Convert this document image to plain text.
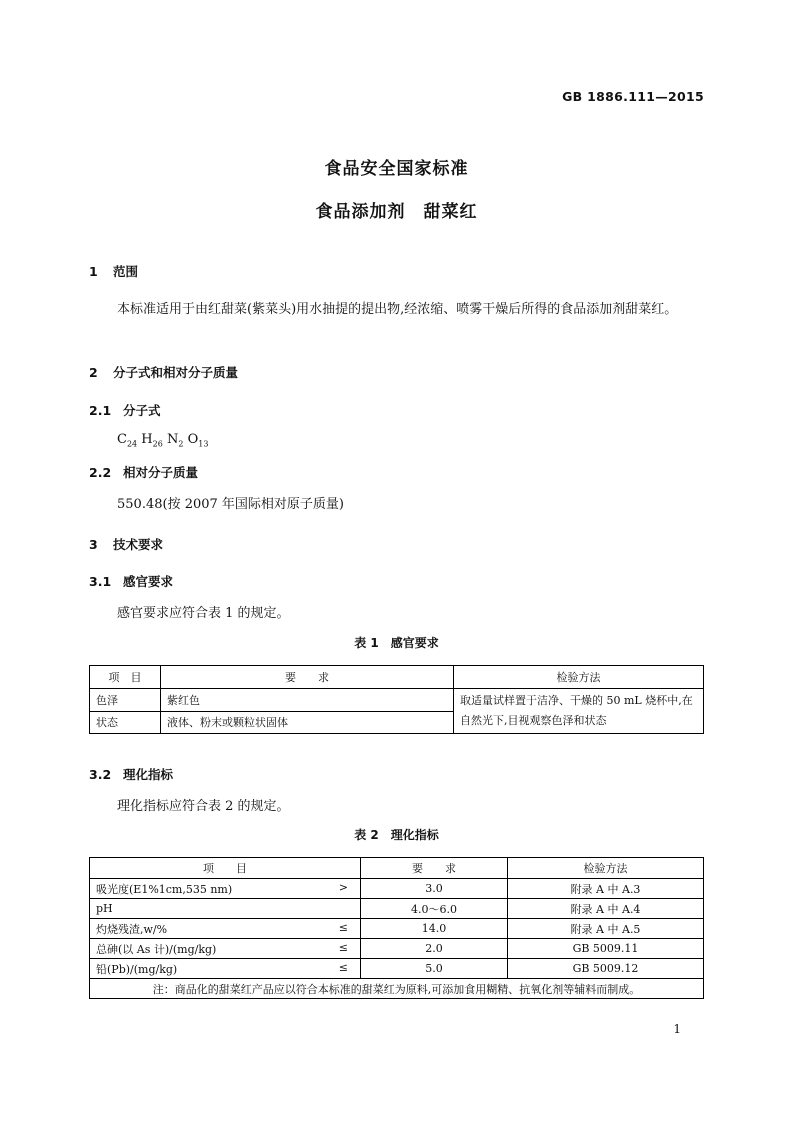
GB 1886.111—2015
食品安全国家标准
食品添加剂　甜菜红
1 范围
本标准适用于由红甜菜(紫菜头)用水抽提的提出物,经浓缩、喷雾干燥后所得的食品添加剂甜菜红。
2 分子式和相对分子质量
2.1 分子式
$C_{24}$ $H_{26}$ $N_2$ $O_{13}$
2.2 相对分子质量
550.48(按 2007 年国际相对原子质量)
3 技术要求
3.1 感官要求
感官要求应符合表 1 的规定。
表 1　感官要求
项　目	要　　求	检验方法
色泽	紫红色	取适量试样置于洁净、干燥的 50 mL 烧杯中,在自然光下,目视观察色泽和状态
状态	液体、粉末或颗粒状固体	
3.2 理化指标
理化指标应符合表 2 的规定。
表 2　理化指标
项　　目	要　　求	检验方法
吸光度(E1%1cm,535 nm) >	3.0	附录 A 中 A.3
pH	4.0～6.0	附录 A 中 A.4
灼烧残渣,w/% ≤	14.0	附录 A 中 A.5
总砷(以 As 计)/(mg/kg) ≤	2.0	GB 5009.11
铅(Pb)/(mg/kg) ≤	5.0	GB 5009.12
注：商品化的甜菜红产品应以符合本标准的甜菜红为原料,可添加食用糊精、抗氧化剂等辅料而制成。		
1
